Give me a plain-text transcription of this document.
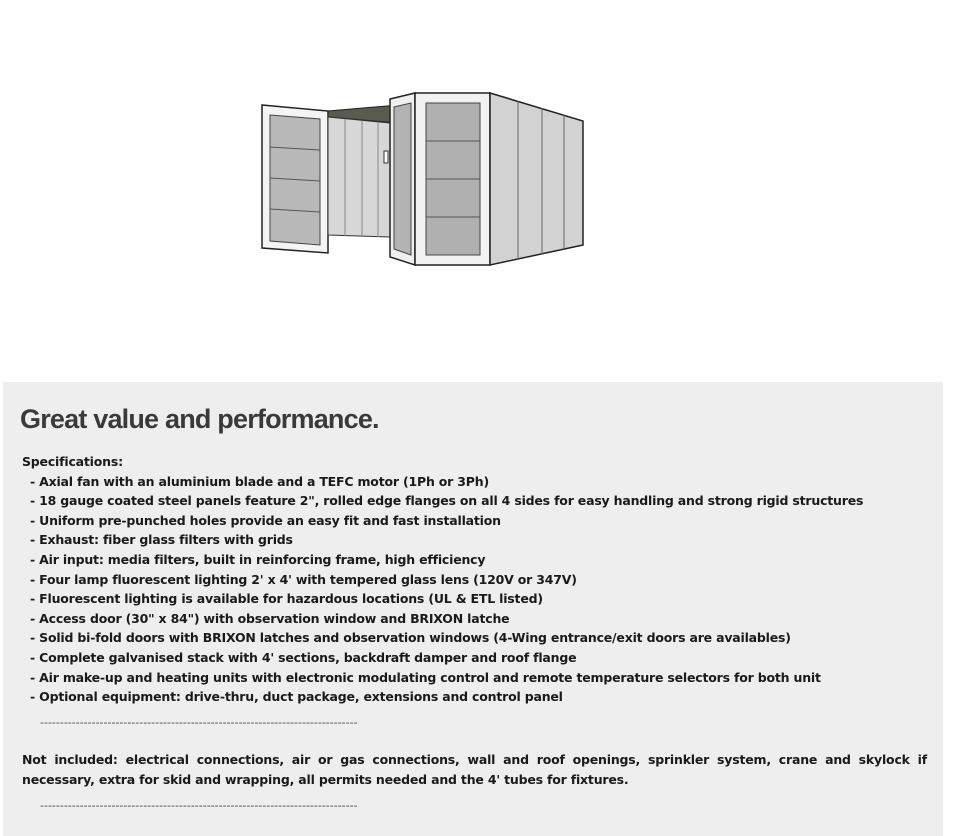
Great value and performance.

Specifications:

- Axial fan with an aluminium blade and a TEFC motor (1Ph or 3Ph)
- 18 gauge coated steel panels feature 2", rolled edge flanges on all 4 sides for easy handling and strong rigid structures
- Uniform pre-punched holes provide an easy fit and fast installation
- Exhaust: fiber glass filters with grids
- Air input: media filters, built in reinforcing frame, high efficiency
- Four lamp fluorescent lighting 2' x 4' with tempered glass lens (120V or 347V)
- Fluorescent lighting is available for hazardous locations (UL & ETL listed)
- Access door (30" x 84") with observation window and BRIXON latche
- Solid bi-fold doors with BRIXON latches and observation windows (4-Wing entrance/exit doors are availables)
- Complete galvanised stack with 4' sections, backdraft damper and roof flange
- Air make-up and heating units with electronic modulating control and remote temperature selectors for both unit
- Optional equipment: drive-thru, duct package, extensions and control panel
--------------------------------------------------------------------------------

Not included: electrical connections, air or gas connections, wall and roof openings, sprinkler system, crane and skylock if necessary, extra for skid and wrapping, all permits needed and the 4' tubes for fixtures.

--------------------------------------------------------------------------------
